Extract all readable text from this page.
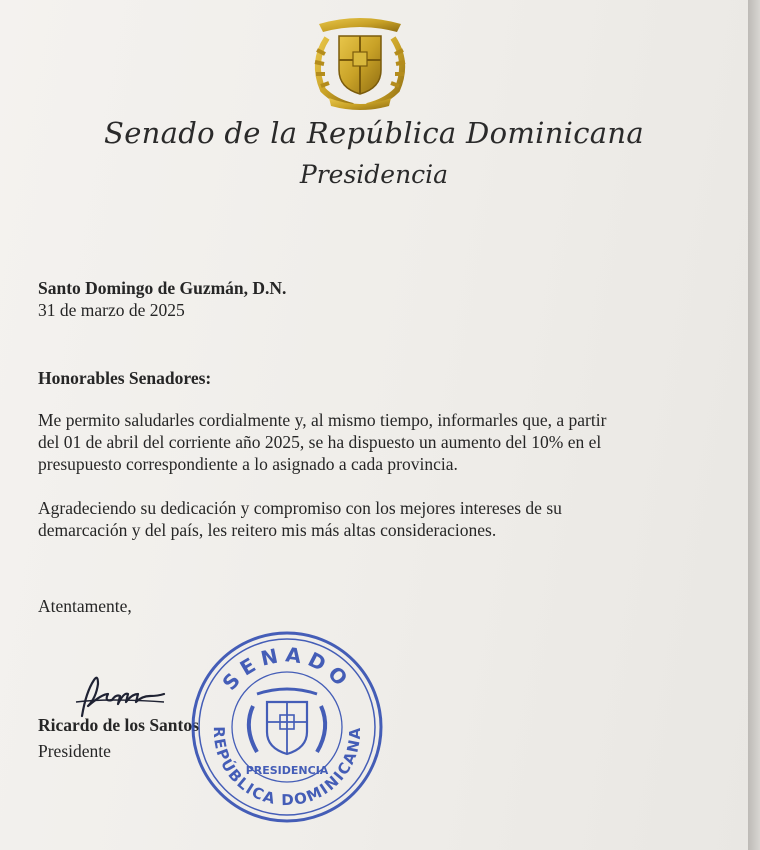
Senado de la República Dominicana
Presidencia
Santo Domingo de Guzmán, D.N.
31 de marzo de 2025
Honorables Senadores:
Me permito saludarles cordialmente y, al mismo tiempo, informarles que, a partir
del 01 de abril del corriente año 2025, se ha dispuesto un aumento del 10% en el
presupuesto correspondiente a lo asignado a cada provincia.
Agradeciendo su dedicación y compromiso con los mejores intereses de su
demarcación y del país, les reitero mis más altas consideraciones.
Atentamente,
Ricardo de los Santos
Presidente
SENADO
REPÚBLICA DOMINICANA
PRESIDENCIA
